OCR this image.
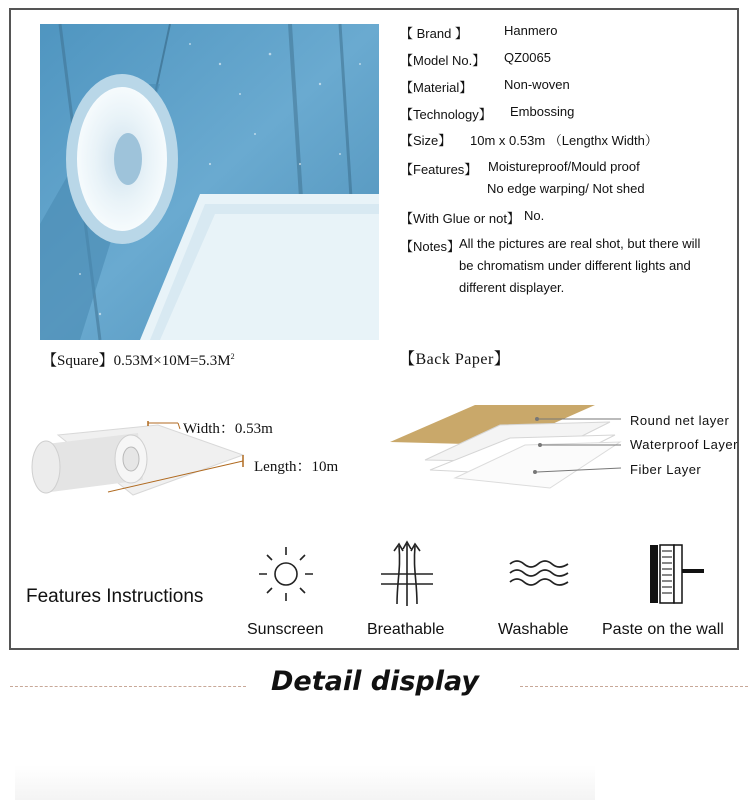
【 Brand 】	Hanmero
【Model No.】 QZ0065
【Material】 Non-woven
【Technology】 Embossing
【Size】 10m x 0.53m （Lengthx Width）
【Features】 Moistureproof/Mould proof
No edge warping/ Not shed
【With Glue or not】 No.
【Notes】 All the pictures are real shot, but there will
be chromatism under different lights and
different displayer.
【Square】$0.53M\times 10M=5.3M^2$	【Back Paper】
Width：0.53m
Length：10m
Round net layer
Waterproof Layer
Fiber Layer
Features Instructions
Sunscreen	Breathable	Washable Paste on the wall
Detail display
